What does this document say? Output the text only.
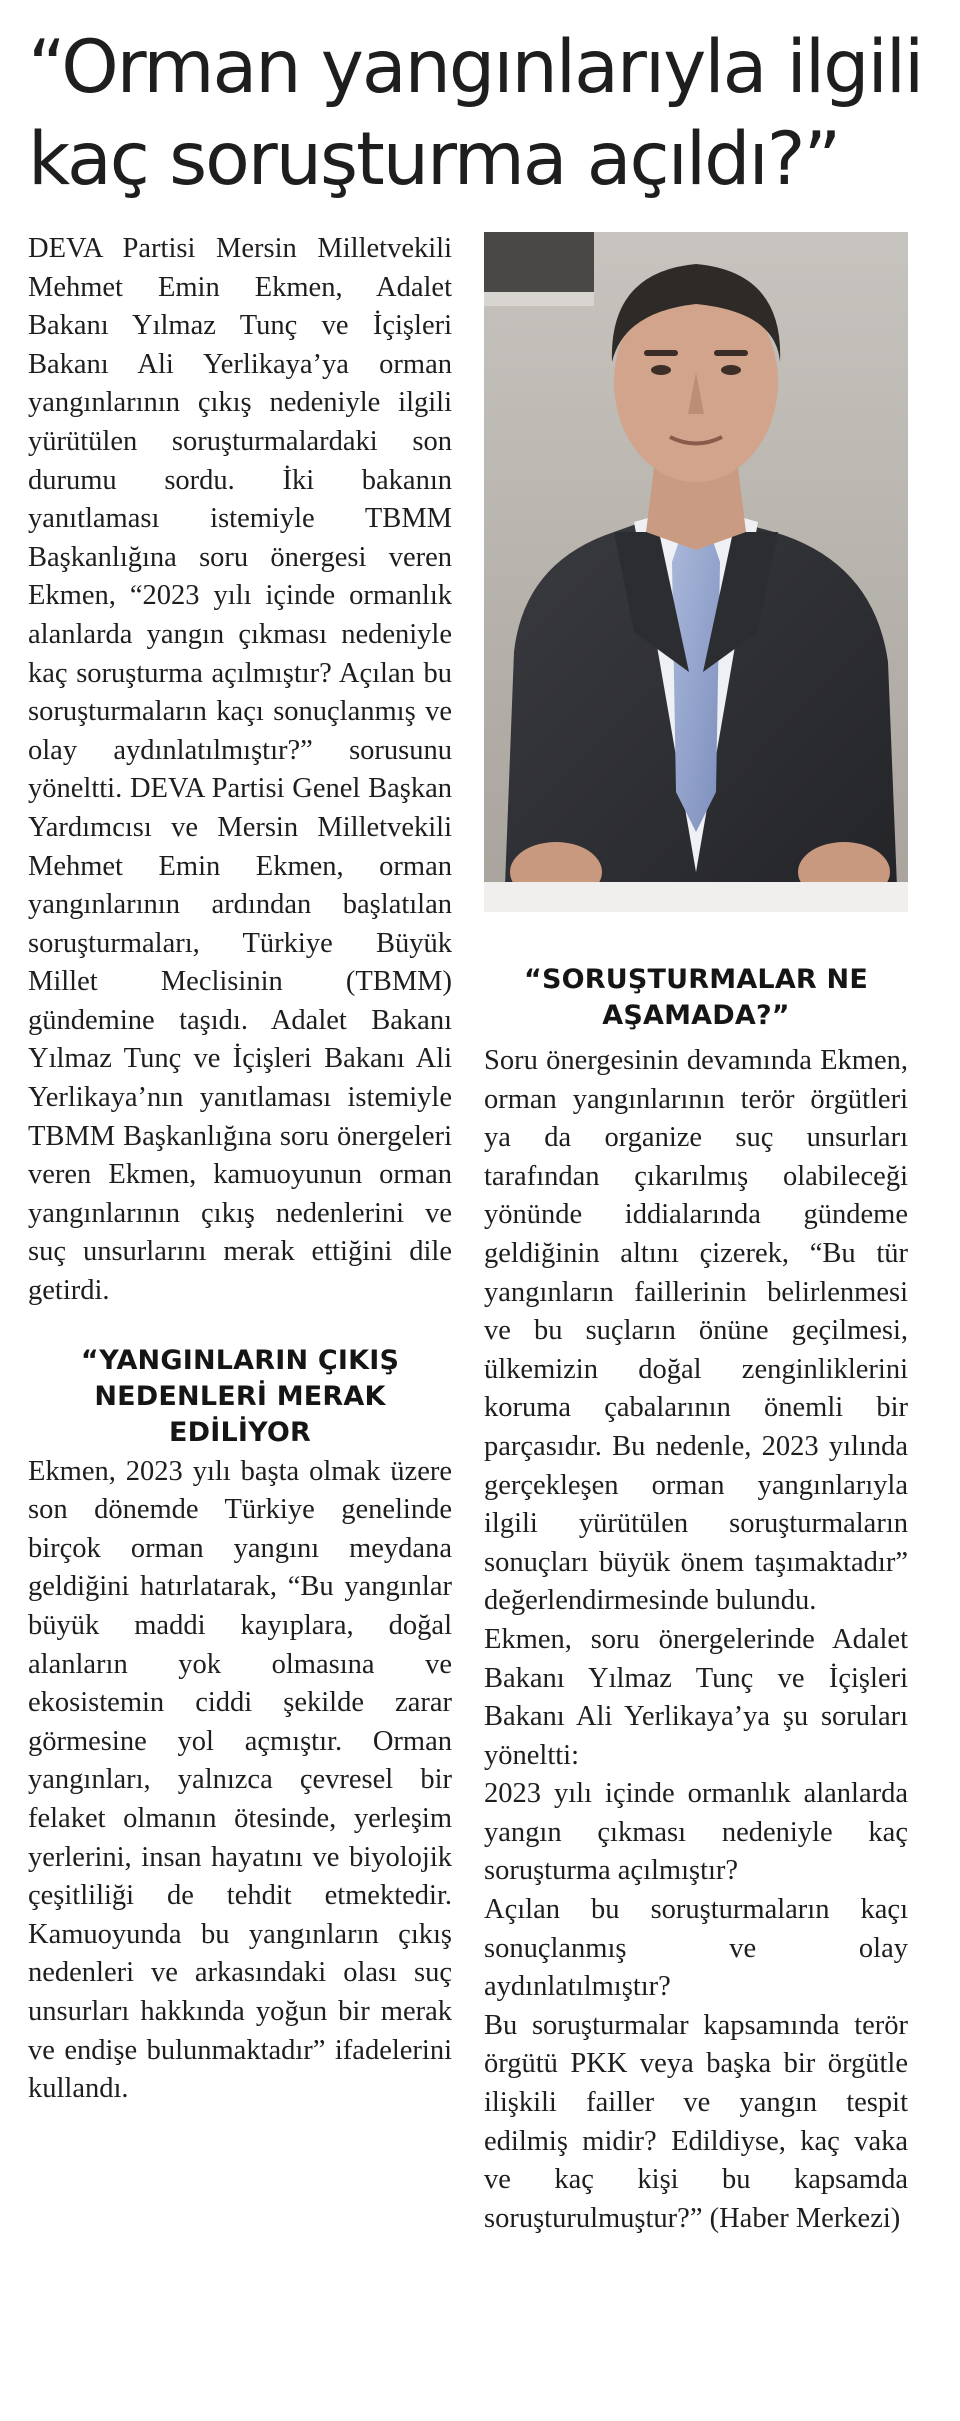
“Orman yangınlarıyla ilgili kaç soruşturma açıldı?”

DEVA Partisi Mersin Milletvekili Mehmet Emin Ekmen, Adalet Bakanı Yılmaz Tunç ve İçişleri Bakanı Ali Yerlikaya’ya orman yangınlarının çıkış nedeniyle ilgili yürütülen soruşturmalardaki son durumu sordu. İki bakanın yanıtlaması istemiyle TBMM Başkanlığına soru önergesi veren Ekmen, “2023 yılı içinde ormanlık alanlarda yangın çıkması nedeniyle kaç soruşturma açılmıştır? Açılan bu soruşturmaların kaçı sonuçlanmış ve olay aydınlatılmıştır?” sorusunu yöneltti. DEVA Partisi Genel Başkan Yardımcısı ve Mersin Milletvekili Mehmet Emin Ekmen, orman yangınlarının ardından başlatılan soruşturmaları, Türkiye Büyük Millet Meclisinin (TBMM) gündemine taşıdı. Adalet Bakanı Yılmaz Tunç ve İçişleri Bakanı Ali Yerlikaya’nın yanıtlaması istemiyle TBMM Başkanlığına soru önergeleri veren Ekmen, kamuoyunun orman yangınlarının çıkış nedenlerini ve suç unsurlarını merak ettiğini dile getirdi.

“YANGINLARIN ÇIKIŞ NEDENLERİ MERAK EDİLİYOR

Ekmen, 2023 yılı başta olmak üzere son dönemde Türkiye genelinde birçok orman yangını meydana geldiğini hatırlatarak, “Bu yangınlar büyük maddi kayıplara, doğal alanların yok olmasına ve ekosistemin ciddi şekilde zarar görmesine yol açmıştır. Orman yangınları, yalnızca çevresel bir felaket olmanın ötesinde, yerleşim yerlerini, insan hayatını ve biyolojik çeşitliliği de tehdit etmektedir. Kamuoyunda bu yangınların çıkış nedenleri ve arkasındaki olası suç unsurları hakkında yoğun bir merak ve endişe bulunmaktadır” ifadelerini kullandı.

“SORUŞTURMALAR NE AŞAMADA?”

Soru önergesinin devamında Ekmen, orman yangınlarının terör örgütleri ya da organize suç unsurları tarafından çıkarılmış olabileceği yönünde iddialarında gündeme geldiğinin altını çizerek, “Bu tür yangınların faillerinin belirlenmesi ve bu suçların önüne geçilmesi, ülkemizin doğal zenginliklerini koruma çabalarının önemli bir parçasıdır. Bu nedenle, 2023 yılında gerçekleşen orman yangınlarıyla ilgili yürütülen soruşturmaların sonuçları büyük önem taşımaktadır” değerlendirmesinde bulundu.

Ekmen, soru önergelerinde Adalet Bakanı Yılmaz Tunç ve İçişleri Bakanı Ali Yerlikaya’ya şu soruları yöneltti:

2023 yılı içinde ormanlık alanlarda yangın çıkması nedeniyle kaç soruşturma açılmıştır?

Açılan bu soruşturmaların kaçı sonuçlanmış ve olay aydınlatılmıştır?

Bu soruşturmalar kapsamında terör örgütü PKK veya başka bir örgütle ilişkili failler ve yangın tespit edilmiş midir? Edildiyse, kaç vaka ve kaç kişi bu kapsamda soruşturulmuştur?” (Haber Merkezi)
